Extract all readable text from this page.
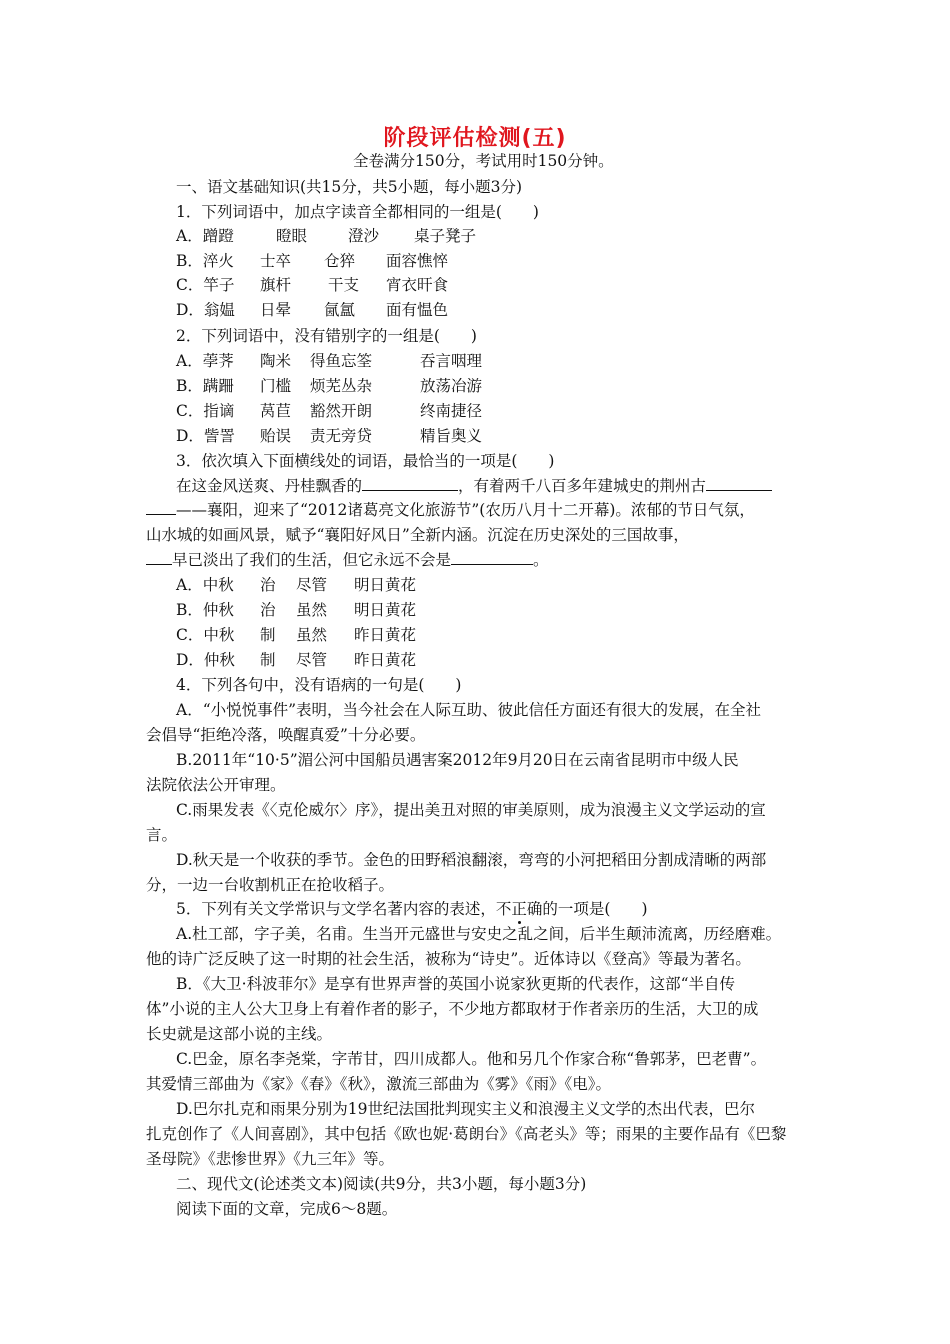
阶段评估检测(五)
全卷满分150分，考试用时150分钟。
一、语文基础知识(共15分，共5小题，每小题3分)
1．下列词语中，加点字读音全都相同的一组是(　　)
A．蹭蹬	瞪眼	澄沙 桌子凳子
B．淬火 士卒 仓猝 面容憔悴
C．竿子 旗杆 干支 宵衣旰食
D．翁媪 日晕 氤氲 面有愠色
2．下列词语中，没有错别字的一组是(　　)
A．荸荠 陶米 得鱼忘筌	吞言咽理
B．蹒跚 门槛 烦芜丛杂	放荡冶游
C．指谪 莴苣 豁然开朗	终南捷径
D．訾詈 贻误 责无旁贷	精旨奥义
3．依次填入下面横线处的词语，最恰当的一项是(　　)
在这金风送爽、丹桂飘香的	，有着两千八百多年建城史的荆州古
——襄阳，迎来了“2012诸葛亮文化旅游节”(农历八月十二开幕)。浓郁的节日气氛，
山水城的如画风景，赋予“襄阳好风日”全新内涵。沉淀在历史深处的三国故事，
早已淡出了我们的生活，但它永远不会是	。
A．中秋 治 尽管 明日黄花
B．仲秋 治 虽然 明日黄花
C．中秋 制 虽然 昨日黄花
D．仲秋 制 尽管 昨日黄花
4．下列各句中，没有语病的一句是(　　)
A．“小悦悦事件”表明，当今社会在人际互助、彼此信任方面还有很大的发展，在全社
会倡导“拒绝冷落，唤醒真爱”十分必要。
B.2011年“10·5”湄公河中国船员遇害案2012年9月20日在云南省昆明市中级人民
法院依法公开审理。
C.雨果发表《〈克伦威尔〉序》，提出美丑对照的审美原则，成为浪漫主义文学运动的宣
言。
D.秋天是一个收获的季节。金色的田野稻浪翻滚，弯弯的小河把稻田分割成清晰的两部
分，一边一台收割机正在抢收稻子。
5．下列有关文学常识与文学名著内容的表述，不正确的一项是(　　)
A.杜工部，字子美，名甫。生当开元盛世与安史之乱之间，后半生颠沛流离，历经磨难。
他的诗广泛反映了这一时期的社会生活，被称为“诗史”。近体诗以《登高》等最为著名。
B．《大卫·科波菲尔》是享有世界声誉的英国小说家狄更斯的代表作，这部“半自传
体”小说的主人公大卫身上有着作者的影子，不少地方都取材于作者亲历的生活，大卫的成
长史就是这部小说的主线。
C.巴金，原名李尧棠，字芾甘，四川成都人。他和另几个作家合称“鲁郭茅，巴老曹”。
其爱情三部曲为《家》《春》《秋》，激流三部曲为《雾》《雨》《电》。
D.巴尔扎克和雨果分别为19世纪法国批判现实主义和浪漫主义文学的杰出代表，巴尔
扎克创作了《人间喜剧》，其中包括《欧也妮·葛朗台》《高老头》等；雨果的主要作品有《巴黎
圣母院》《悲惨世界》《九三年》等。
二、现代文(论述类文本)阅读(共9分，共3小题，每小题3分)
阅读下面的文章，完成6～8题。
